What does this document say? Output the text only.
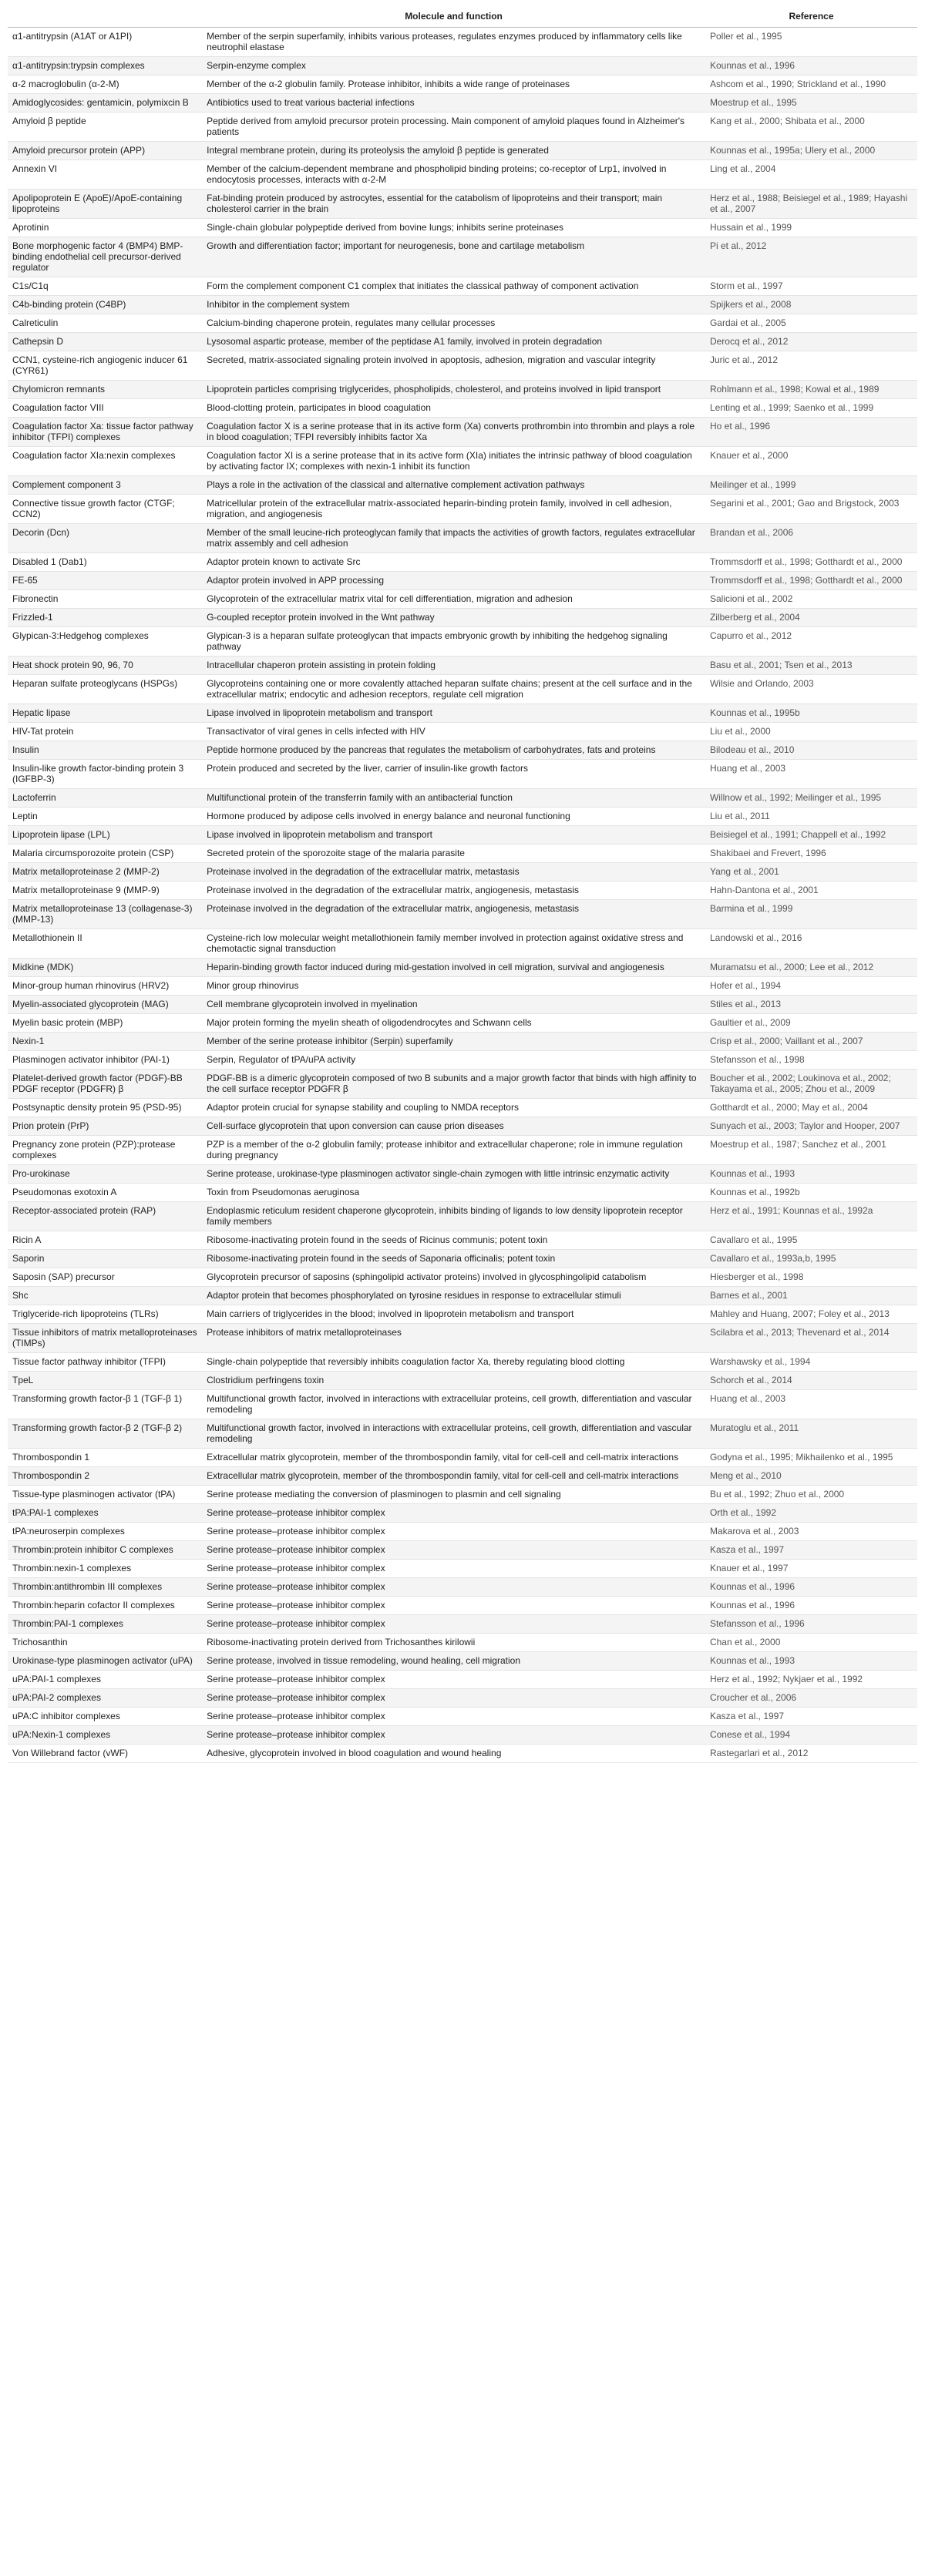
	Molecule and function	Reference
α1-antitrypsin (A1AT or A1PI)	Member of the serpin superfamily, inhibits various proteases, regulates enzymes produced by inflammatory cells like neutrophil elastase	Poller et al., 1995
α1-antitrypsin:trypsin complexes	Serpin-enzyme complex	Kounnas et al., 1996
α-2 macroglobulin (α-2-M)	Member of the α-2 globulin family. Protease inhibitor, inhibits a wide range of proteinases	Ashcom et al., 1990; Strickland et al., 1990
Amidoglycosides: gentamicin, polymixcin B	Antibiotics used to treat various bacterial infections	Moestrup et al., 1995
Amyloid β peptide	Peptide derived from amyloid precursor protein processing. Main component of amyloid plaques found in Alzheimer's patients	Kang et al., 2000; Shibata et al., 2000
Amyloid precursor protein (APP)	Integral membrane protein, during its proteolysis the amyloid β peptide is generated	Kounnas et al., 1995a; Ulery et al., 2000
Annexin VI	Member of the calcium-dependent membrane and phospholipid binding proteins; co-receptor of Lrp1, involved in endocytosis processes, interacts with α-2-M	Ling et al., 2004
Apolipoprotein E (ApoE)/ApoE-containing lipoproteins	Fat-binding protein produced by astrocytes, essential for the catabolism of lipoproteins and their transport; main cholesterol carrier in the brain	Herz et al., 1988; Beisiegel et al., 1989; Hayashi et al., 2007
Aprotinin	Single-chain globular polypeptide derived from bovine lungs; inhibits serine proteinases	Hussain et al., 1999
Bone morphogenic factor 4 (BMP4) BMP-binding endothelial cell precursor-derived regulator	Growth and differentiation factor; important for neurogenesis, bone and cartilage metabolism	Pi et al., 2012
C1s/C1q	Form the complement component C1 complex that initiates the classical pathway of component activation	Storm et al., 1997
C4b-binding protein (C4BP)	Inhibitor in the complement system	Spijkers et al., 2008
Calreticulin	Calcium-binding chaperone protein, regulates many cellular processes	Gardai et al., 2005
Cathepsin D	Lysosomal aspartic protease, member of the peptidase A1 family, involved in protein degradation	Derocq et al., 2012
CCN1, cysteine-rich angiogenic inducer 61 (CYR61)	Secreted, matrix-associated signaling protein involved in apoptosis, adhesion, migration and vascular integrity	Juric et al., 2012
Chylomicron remnants	Lipoprotein particles comprising triglycerides, phospholipids, cholesterol, and proteins involved in lipid transport	Rohlmann et al., 1998; Kowal et al., 1989
Coagulation factor VIII	Blood-clotting protein, participates in blood coagulation	Lenting et al., 1999; Saenko et al., 1999
Coagulation factor Xa: tissue factor pathway inhibitor (TFPI) complexes	Coagulation factor X is a serine protease that in its active form (Xa) converts prothrombin into thrombin and plays a role in blood coagulation; TFPI reversibly inhibits factor Xa	Ho et al., 1996
Coagulation factor XIa:nexin complexes	Coagulation factor XI is a serine protease that in its active form (XIa) initiates the intrinsic pathway of blood coagulation by activating factor IX; complexes with nexin-1 inhibit its function	Knauer et al., 2000
Complement component 3	Plays a role in the activation of the classical and alternative complement activation pathways	Meilinger et al., 1999
Connective tissue growth factor (CTGF; CCN2)	Matricellular protein of the extracellular matrix-associated heparin-binding protein family, involved in cell adhesion, migration, and angiogenesis	Segarini et al., 2001; Gao and Brigstock, 2003
Decorin (Dcn)	Member of the small leucine-rich proteoglycan family that impacts the activities of growth factors, regulates extracellular matrix assembly and cell adhesion	Brandan et al., 2006
Disabled 1 (Dab1)	Adaptor protein known to activate Src	Trommsdorff et al., 1998; Gotthardt et al., 2000
FE-65	Adaptor protein involved in APP processing	Trommsdorff et al., 1998; Gotthardt et al., 2000
Fibronectin	Glycoprotein of the extracellular matrix vital for cell differentiation, migration and adhesion	Salicioni et al., 2002
Frizzled-1	G-coupled receptor protein involved in the Wnt pathway	Zilberberg et al., 2004
Glypican-3:Hedgehog complexes	Glypican-3 is a heparan sulfate proteoglycan that impacts embryonic growth by inhibiting the hedgehog signaling pathway	Capurro et al., 2012
Heat shock protein 90, 96, 70	Intracellular chaperon protein assisting in protein folding	Basu et al., 2001; Tsen et al., 2013
Heparan sulfate proteoglycans (HSPGs)	Glycoproteins containing one or more covalently attached heparan sulfate chains; present at the cell surface and in the extracellular matrix; endocytic and adhesion receptors, regulate cell migration	Wilsie and Orlando, 2003
Hepatic lipase	Lipase involved in lipoprotein metabolism and transport	Kounnas et al., 1995b
HIV-Tat protein	Transactivator of viral genes in cells infected with HIV	Liu et al., 2000
Insulin	Peptide hormone produced by the pancreas that regulates the metabolism of carbohydrates, fats and proteins	Bilodeau et al., 2010
Insulin-like growth factor-binding protein 3 (IGFBP-3)	Protein produced and secreted by the liver, carrier of insulin-like growth factors	Huang et al., 2003
Lactoferrin	Multifunctional protein of the transferrin family with an antibacterial function	Willnow et al., 1992; Meilinger et al., 1995
Leptin	Hormone produced by adipose cells involved in energy balance and neuronal functioning	Liu et al., 2011
Lipoprotein lipase (LPL)	Lipase involved in lipoprotein metabolism and transport	Beisiegel et al., 1991; Chappell et al., 1992
Malaria circumsporozoite protein (CSP)	Secreted protein of the sporozoite stage of the malaria parasite	Shakibaei and Frevert, 1996
Matrix metalloproteinase 2 (MMP-2)	Proteinase involved in the degradation of the extracellular matrix, metastasis	Yang et al., 2001
Matrix metalloproteinase 9 (MMP-9)	Proteinase involved in the degradation of the extracellular matrix, angiogenesis, metastasis	Hahn-Dantona et al., 2001
Matrix metalloproteinase 13 (collagenase-3) (MMP-13)	Proteinase involved in the degradation of the extracellular matrix, angiogenesis, metastasis	Barmina et al., 1999
Metallothionein II	Cysteine-rich low molecular weight metallothionein family member involved in protection against oxidative stress and chemotactic signal transduction	Landowski et al., 2016
Midkine (MDK)	Heparin-binding growth factor induced during mid-gestation involved in cell migration, survival and angiogenesis	Muramatsu et al., 2000; Lee et al., 2012
Minor-group human rhinovirus (HRV2)	Minor group rhinovirus	Hofer et al., 1994
Myelin-associated glycoprotein (MAG)	Cell membrane glycoprotein involved in myelination	Stiles et al., 2013
Myelin basic protein (MBP)	Major protein forming the myelin sheath of oligodendrocytes and Schwann cells	Gaultier et al., 2009
Nexin-1	Member of the serine protease inhibitor (Serpin) superfamily	Crisp et al., 2000; Vaillant et al., 2007
Plasminogen activator inhibitor (PAI-1)	Serpin, Regulator of tPA/uPA activity	Stefansson et al., 1998
Platelet-derived growth factor (PDGF)-BB PDGF receptor (PDGFR) β	PDGF-BB is a dimeric glycoprotein composed of two B subunits and a major growth factor that binds with high affinity to the cell surface receptor PDGFR β	Boucher et al., 2002; Loukinova et al., 2002; Takayama et al., 2005; Zhou et al., 2009
Postsynaptic density protein 95 (PSD-95)	Adaptor protein crucial for synapse stability and coupling to NMDA receptors	Gotthardt et al., 2000; May et al., 2004
Prion protein (PrP)	Cell-surface glycoprotein that upon conversion can cause prion diseases	Sunyach et al., 2003; Taylor and Hooper, 2007
Pregnancy zone protein (PZP):protease complexes	PZP is a member of the α-2 globulin family; protease inhibitor and extracellular chaperone; role in immune regulation during pregnancy	Moestrup et al., 1987; Sanchez et al., 2001
Pro-urokinase	Serine protease, urokinase-type plasminogen activator single-chain zymogen with little intrinsic enzymatic activity	Kounnas et al., 1993
Pseudomonas exotoxin A	Toxin from Pseudomonas aeruginosa	Kounnas et al., 1992b
Receptor-associated protein (RAP)	Endoplasmic reticulum resident chaperone glycoprotein, inhibits binding of ligands to low density lipoprotein receptor family members	Herz et al., 1991; Kounnas et al., 1992a
Ricin A	Ribosome-inactivating protein found in the seeds of Ricinus communis; potent toxin	Cavallaro et al., 1995
Saporin	Ribosome-inactivating protein found in the seeds of Saponaria officinalis; potent toxin	Cavallaro et al., 1993a,b, 1995
Saposin (SAP) precursor	Glycoprotein precursor of saposins (sphingolipid activator proteins) involved in glycosphingolipid catabolism	Hiesberger et al., 1998
Shc	Adaptor protein that becomes phosphorylated on tyrosine residues in response to extracellular stimuli	Barnes et al., 2001
Triglyceride-rich lipoproteins (TLRs)	Main carriers of triglycerides in the blood; involved in lipoprotein metabolism and transport	Mahley and Huang, 2007; Foley et al., 2013
Tissue inhibitors of matrix metalloproteinases (TIMPs)	Protease inhibitors of matrix metalloproteinases	Scilabra et al., 2013; Thevenard et al., 2014
Tissue factor pathway inhibitor (TFPI)	Single-chain polypeptide that reversibly inhibits coagulation factor Xa, thereby regulating blood clotting	Warshawsky et al., 1994
TpeL	Clostridium perfringens toxin	Schorch et al., 2014
Transforming growth factor-β 1 (TGF-β 1)	Multifunctional growth factor, involved in interactions with extracellular proteins, cell growth, differentiation and vascular remodeling	Huang et al., 2003
Transforming growth factor-β 2 (TGF-β 2)	Multifunctional growth factor, involved in interactions with extracellular proteins, cell growth, differentiation and vascular remodeling	Muratoglu et al., 2011
Thrombospondin 1	Extracellular matrix glycoprotein, member of the thrombospondin family, vital for cell-cell and cell-matrix interactions	Godyna et al., 1995; Mikhailenko et al., 1995
Thrombospondin 2	Extracellular matrix glycoprotein, member of the thrombospondin family, vital for cell-cell and cell-matrix interactions	Meng et al., 2010
Tissue-type plasminogen activator (tPA)	Serine protease mediating the conversion of plasminogen to plasmin and cell signaling	Bu et al., 1992; Zhuo et al., 2000
tPA:PAI-1 complexes	Serine protease–protease inhibitor complex	Orth et al., 1992
tPA:neuroserpin complexes	Serine protease–protease inhibitor complex	Makarova et al., 2003
Thrombin:protein inhibitor C complexes	Serine protease–protease inhibitor complex	Kasza et al., 1997
Thrombin:nexin-1 complexes	Serine protease–protease inhibitor complex	Knauer et al., 1997
Thrombin:antithrombin III complexes	Serine protease–protease inhibitor complex	Kounnas et al., 1996
Thrombin:heparin cofactor II complexes	Serine protease–protease inhibitor complex	Kounnas et al., 1996
Thrombin:PAI-1 complexes	Serine protease–protease inhibitor complex	Stefansson et al., 1996
Trichosanthin	Ribosome-inactivating protein derived from Trichosanthes kirilowii	Chan et al., 2000
Urokinase-type plasminogen activator (uPA)	Serine protease, involved in tissue remodeling, wound healing, cell migration	Kounnas et al., 1993
uPA:PAI-1 complexes	Serine protease–protease inhibitor complex	Herz et al., 1992; Nykjaer et al., 1992
uPA:PAI-2 complexes	Serine protease–protease inhibitor complex	Croucher et al., 2006
uPA:C inhibitor complexes	Serine protease–protease inhibitor complex	Kasza et al., 1997
uPA:Nexin-1 complexes	Serine protease–protease inhibitor complex	Conese et al., 1994
Von Willebrand factor (vWF)	Adhesive, glycoprotein involved in blood coagulation and wound healing	Rastegarlari et al., 2012
